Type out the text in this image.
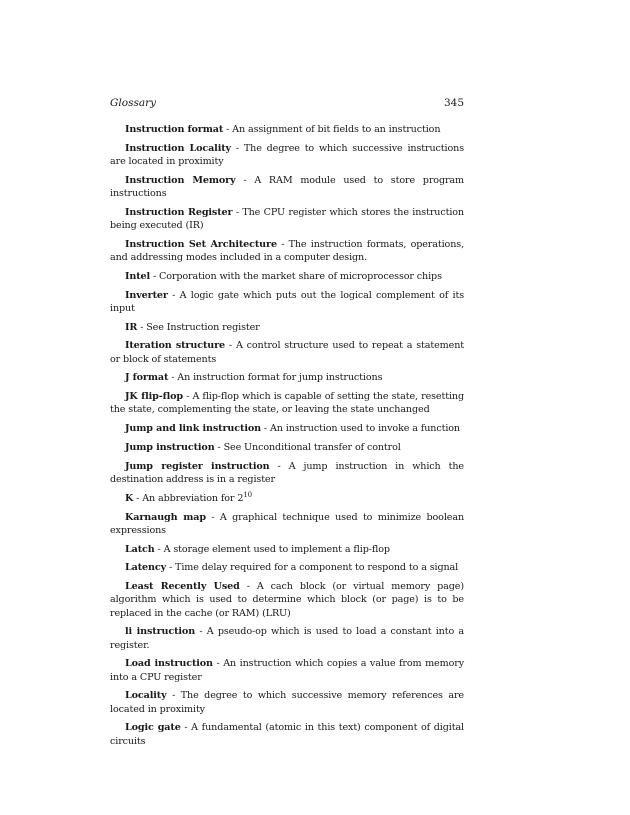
Glossary	345

Instruction format - An assignment of bit fields to an instruction

Instruction Locality - The degree to which successive instructions are located in proximity

Instruction Memory - A RAM module used to store program instructions

Instruction Register - The CPU register which stores the instruction being executed (IR)

Instruction Set Architecture - The instruction formats, operations, and addressing modes included in a computer design.

Intel - Corporation with the market share of microprocessor chips

Inverter - A logic gate which puts out the logical complement of its input

IR - See Instruction register

Iteration structure - A control structure used to repeat a statement or block of statements

J format - An instruction format for jump instructions

JK flip-flop - A flip-flop which is capable of setting the state, resetting the state, complementing the state, or leaving the state unchanged

Jump and link instruction - An instruction used to invoke a function

Jump instruction - See Unconditional transfer of control

Jump register instruction - A jump instruction in which the destination address is in a register

K - An abbreviation for $2^{10}$

Karnaugh map - A graphical technique used to minimize boolean expressions

Latch - A storage element used to implement a flip-flop

Latency - Time delay required for a component to respond to a signal

Least Recently Used - A cach block (or virtual memory page) algorithm which is used to determine which block (or page) is to be replaced in the cache (or RAM) (LRU)

li instruction - A pseudo-op which is used to load a constant into a register.

Load instruction - An instruction which copies a value from memory into a CPU register

Locality - The degree to which successive memory references are located in proximity

Logic gate - A fundamental (atomic in this text) component of digital circuits
